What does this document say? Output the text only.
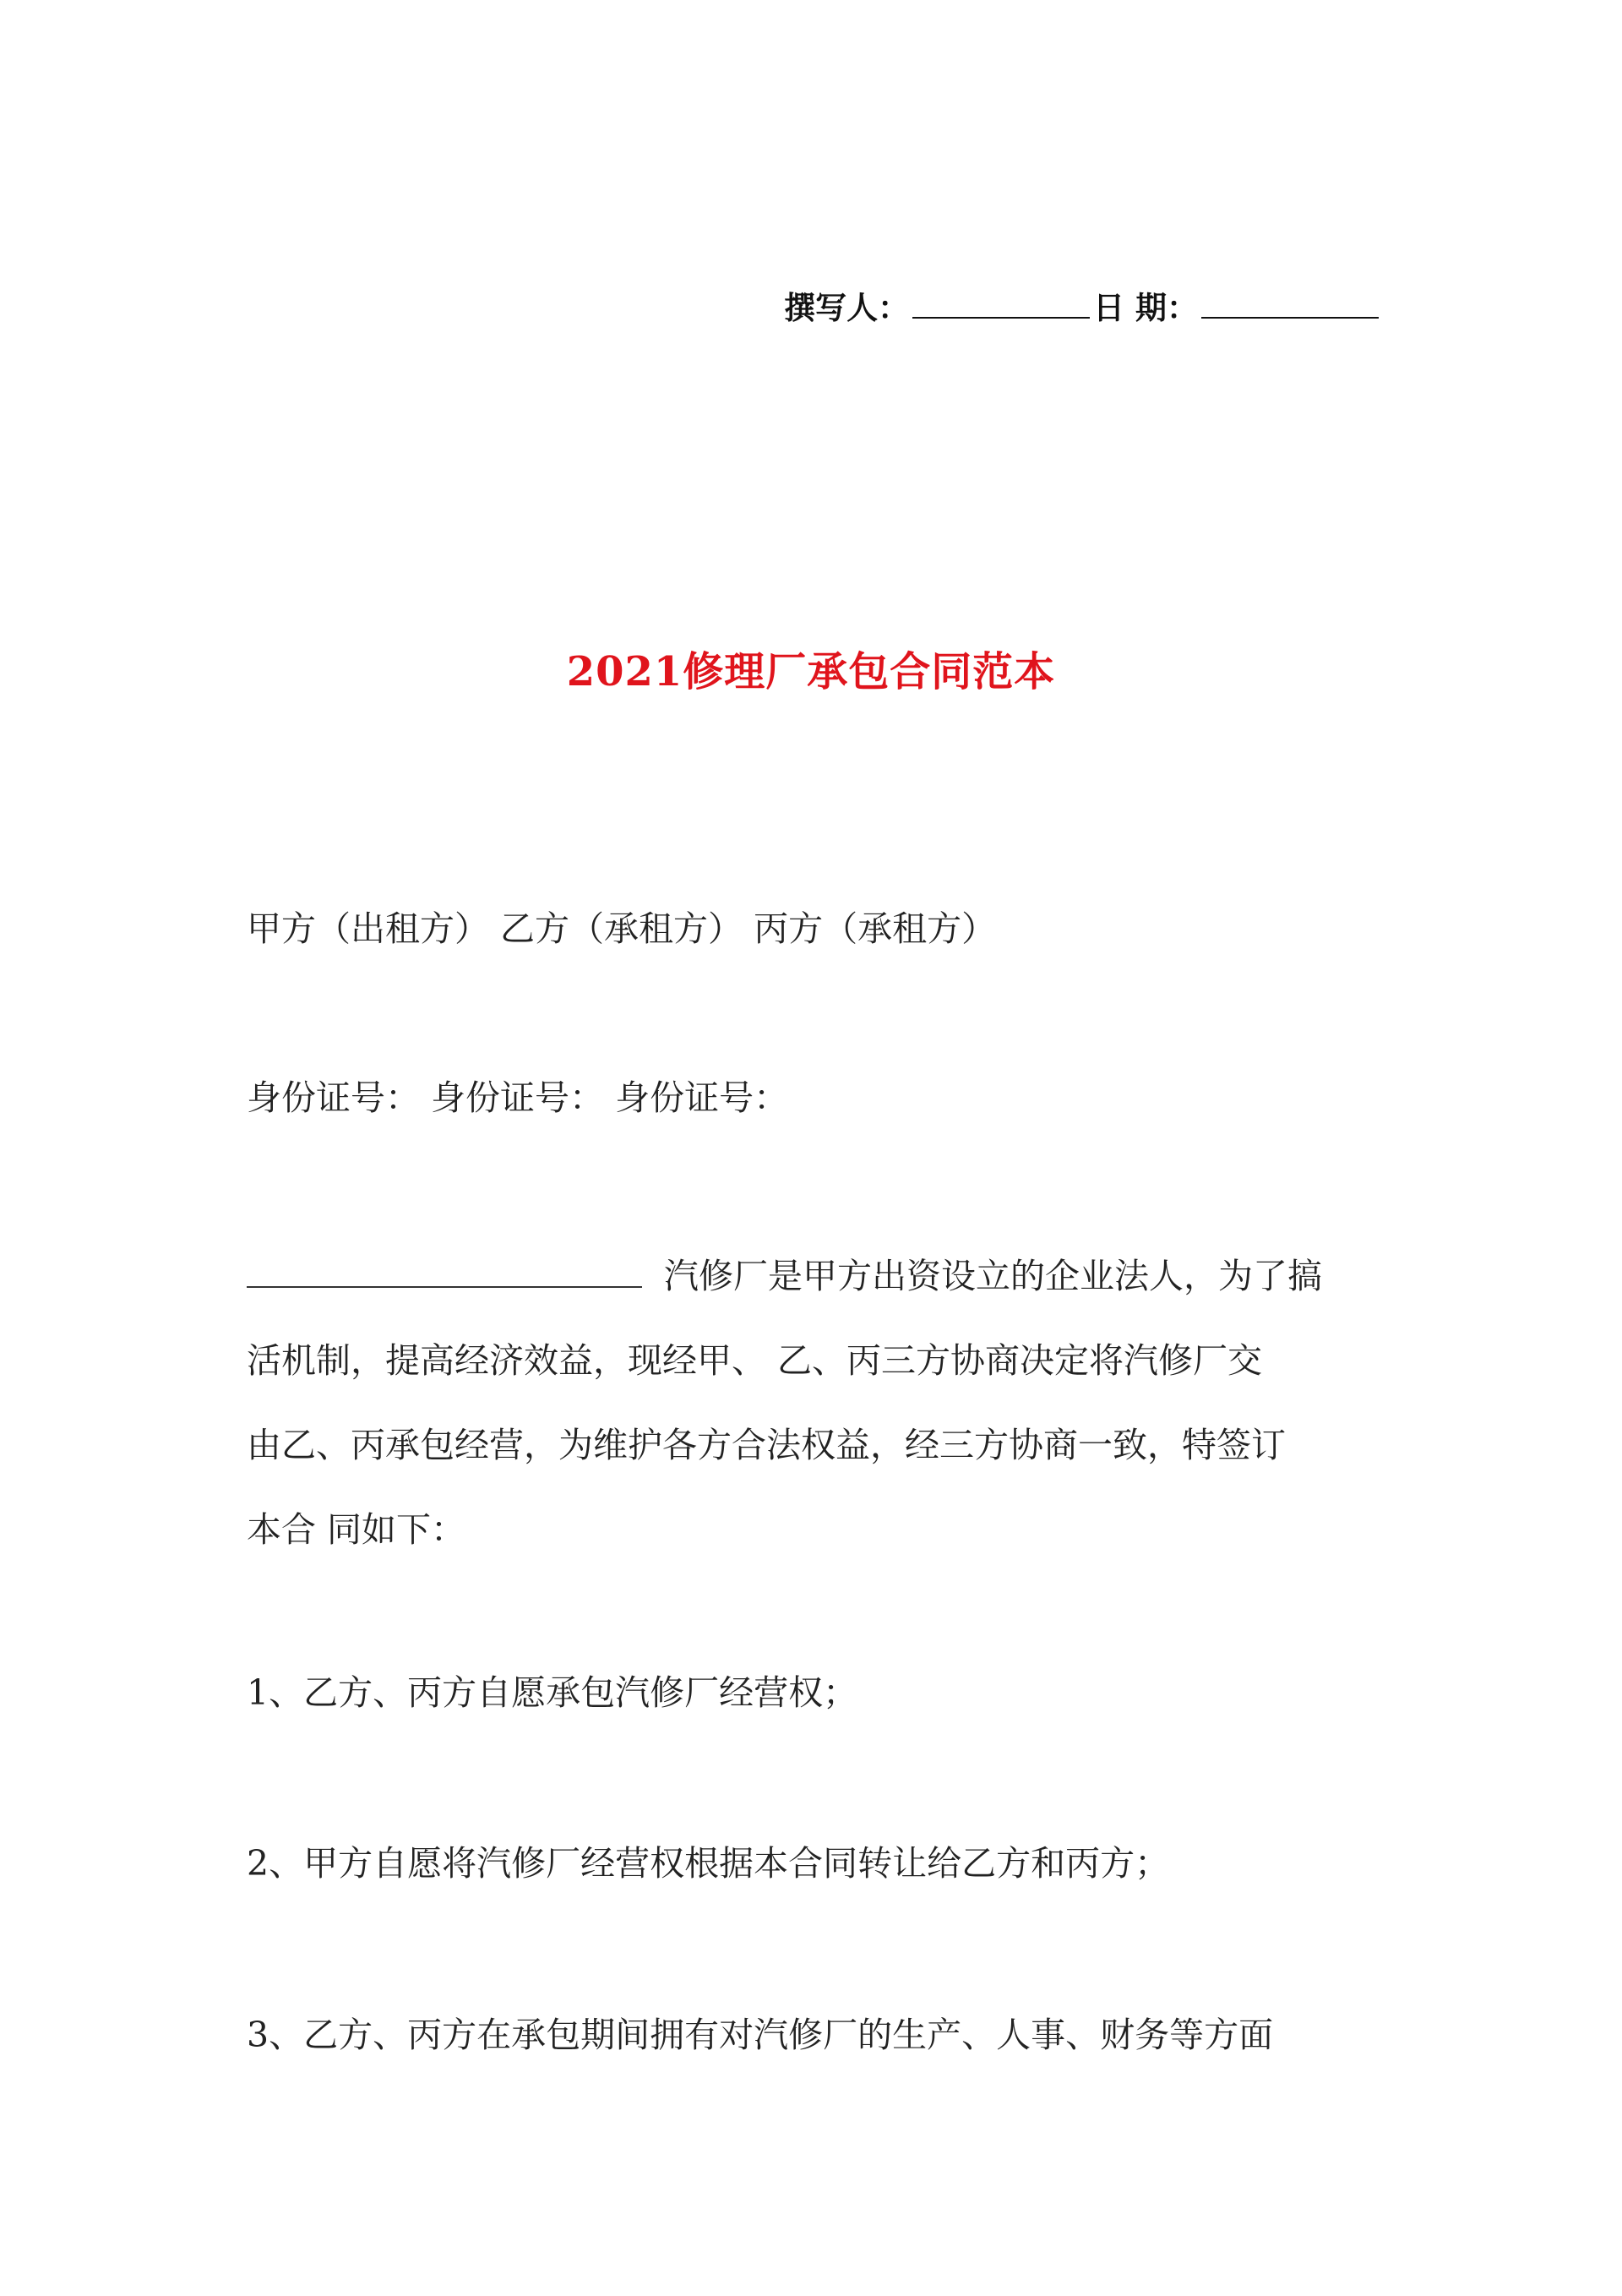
撰写人：	日 期：
2021修理厂承包合同范本
甲方（出租方） 乙方（承租方） 丙方（承租方）
身份证号： 身份证号： 身份证号：
汽修厂是甲方出资设立的企业法人，为了搞
活机制，提高经济效益，现经甲、 乙、丙三方协商决定将汽修厂交
由乙、丙承包经营，为维护各方合法权益，经三方协商一致，特签订
本合 同如下：
1、乙方、丙方自愿承包汽修厂经营权；
2、甲方自愿将汽修厂经营权根据本合同转让给乙方和丙方；
3、乙方、丙方在承包期间拥有对汽修厂的生产、人事、财务等方面
